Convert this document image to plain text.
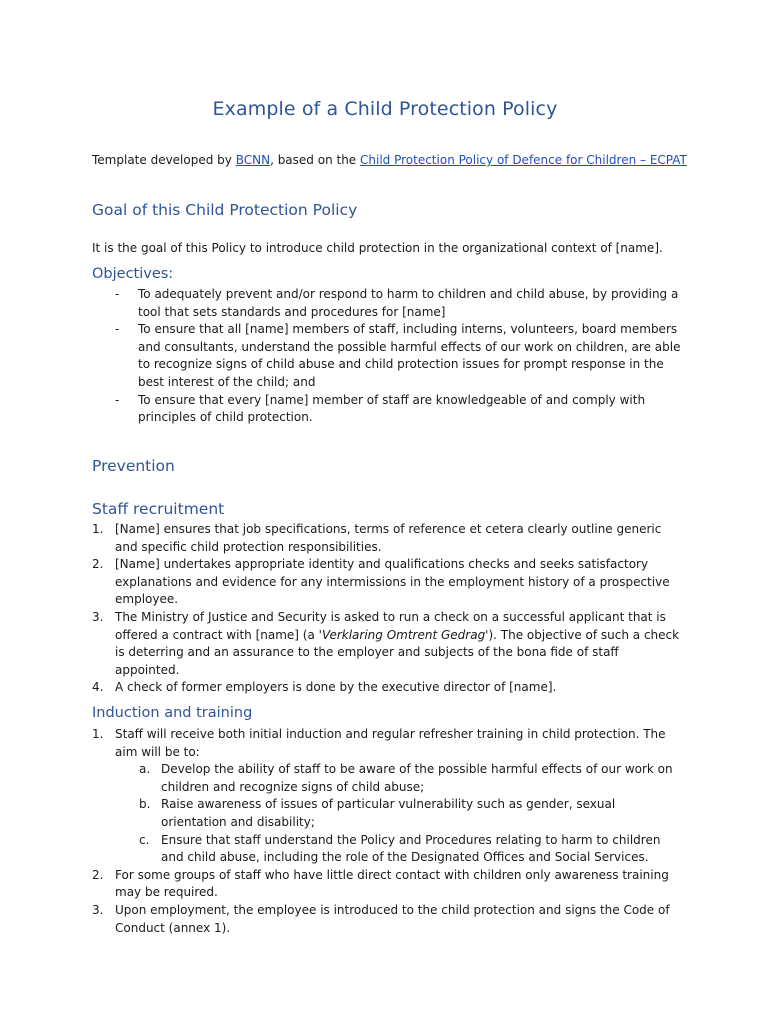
Example of a Child Protection Policy
Template developed by BCNN, based on the Child Protection Policy of Defence for Children – ECPAT
Goal of this Child Protection Policy
It is the goal of this Policy to introduce child protection in the organizational context of [name].
Objectives:
- To adequately prevent and/or respond to harm to children and child abuse, by providing a tool that sets standards and procedures for [name]
- To ensure that all [name] members of staff, including interns, volunteers, board members and consultants, understand the possible harmful effects of our work on children, are able to recognize signs of child abuse and child protection issues for prompt response in the best interest of the child; and
- To ensure that every [name] member of staff are knowledgeable of and comply with principles of child protection.
Prevention
Staff recruitment
1. [Name] ensures that job specifications, terms of reference et cetera clearly outline generic and specific child protection responsibilities.
2. [Name] undertakes appropriate identity and qualifications checks and seeks satisfactory explanations and evidence for any intermissions in the employment history of a prospective employee.
3. The Ministry of Justice and Security is asked to run a check on a successful applicant that is offered a contract with [name] (a 'Verklaring Omtrent Gedrag'). The objective of such a check is deterring and an assurance to the employer and subjects of the bona fide of staff appointed.
4. A check of former employers is done by the executive director of [name].
Induction and training
1. Staff will receive both initial induction and regular refresher training in child protection. The aim will be to:
a. Develop the ability of staff to be aware of the possible harmful effects of our work on children and recognize signs of child abuse;
b. Raise awareness of issues of particular vulnerability such as gender, sexual orientation and disability;
c. Ensure that staff understand the Policy and Procedures relating to harm to children and child abuse, including the role of the Designated Offices and Social Services.
2. For some groups of staff who have little direct contact with children only awareness training may be required.
3. Upon employment, the employee is introduced to the child protection and signs the Code of Conduct (annex 1).
